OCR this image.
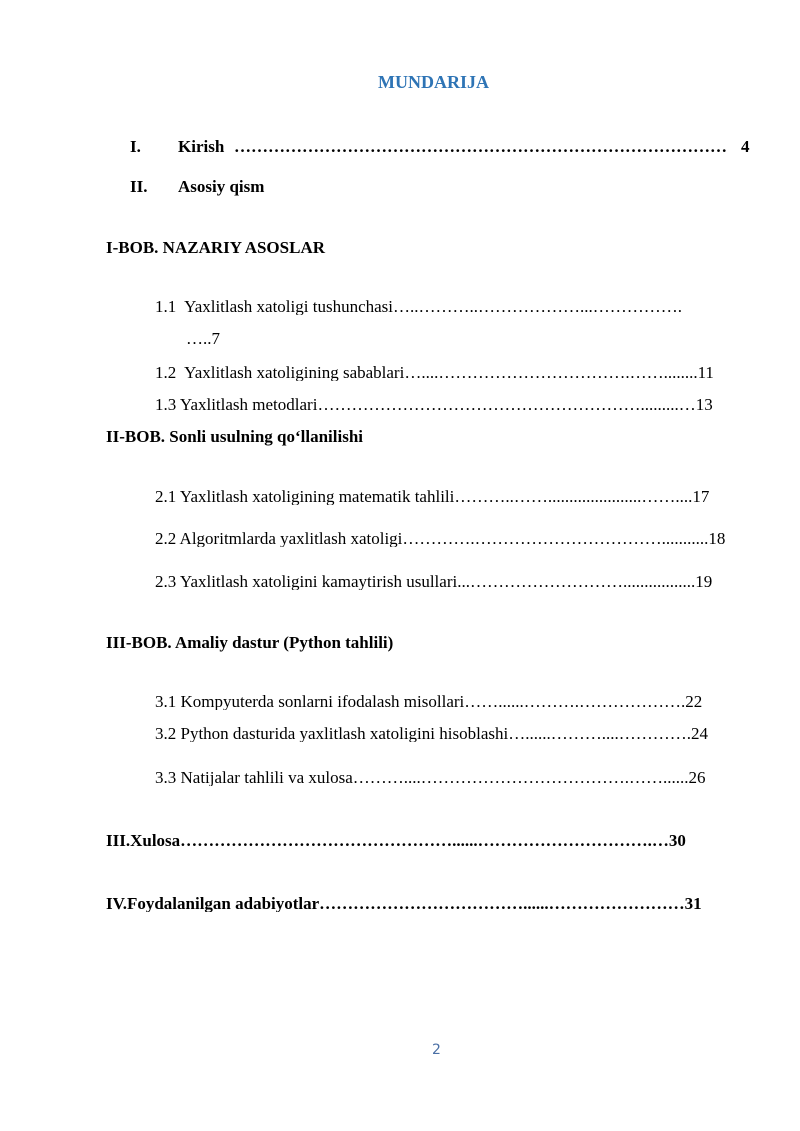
MUNDARIJA
I. Kirish …………………………………………………………………………… 4
II. Asosiy qism
I-BOB. NAZARIY ASOSLAR
1.1  Yaxlitlash xatoligi tushunchasi…..………..………………...…………….
…..7
1.2  Yaxlitlash xatoligining sabablari…....…………………………….……........11
1.3 Yaxlitlash metodlari………………………………………………….........…13
II-BOB. Sonli usulning qo‘llanilishi
2.1 Yaxlitlash xatoligining matematik tahlili………..……......................……....17
2.2 Algoritmlarda yaxlitlash xatoligi………….……………………………...........18
2.3 Yaxlitlash xatoligini kamaytirish usullari...……………………….................19
III-BOB. Amaliy dastur (Python tahlili)
3.1 Kompyuterda sonlarni ifodalash misollari……......……….……………….22
3.2 Python dasturida yaxlitlash xatoligini hisoblashi…......………....………….24
3.3 Natijalar tahlili va xulosa………....……………………………….……......26
III.Xulosa…………………………………………......………………………….…30
IV.Foydalanilgan adabiyotlar………………………………......……………………31
2
